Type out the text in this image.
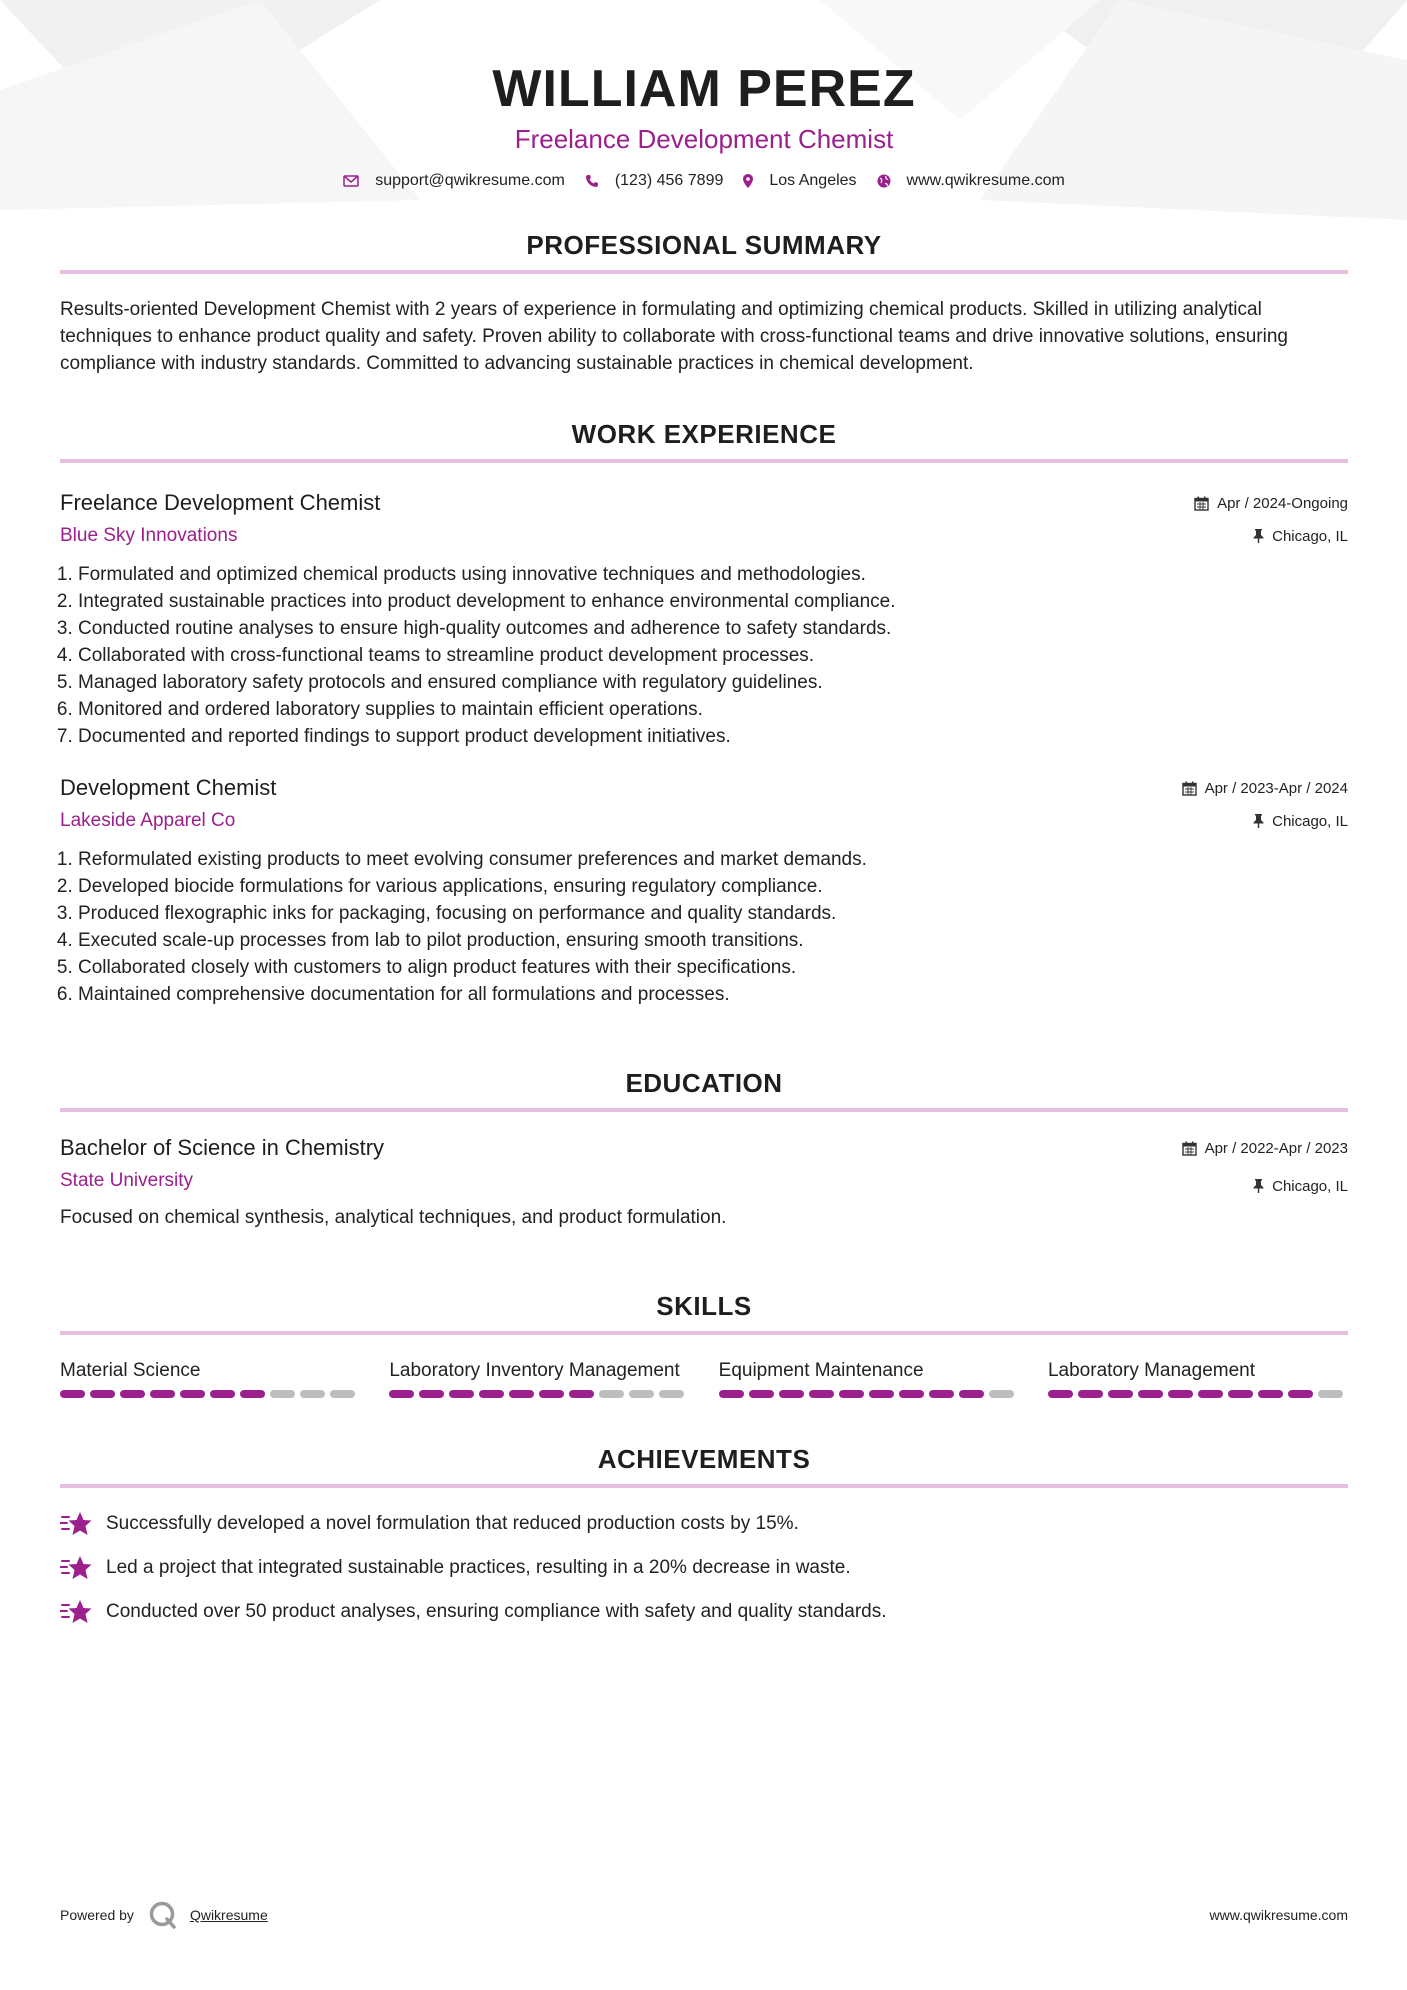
WILLIAM PEREZ
Freelance Development Chemist
support@qwikresume.com	(123) 456 7899	Los Angeles	www.qwikresume.com
PROFESSIONAL SUMMARY
Results-oriented Development Chemist with 2 years of experience in formulating and optimizing chemical products. Skilled in utilizing analytical techniques to enhance product quality and safety. Proven ability to collaborate with cross-functional teams and drive innovative solutions, ensuring compliance with industry standards. Committed to advancing sustainable practices in chemical development.
WORK EXPERIENCE
Freelance Development Chemist
Blue Sky Innovations
Apr / 2024-Ongoing
Chicago, IL
1. Formulated and optimized chemical products using innovative techniques and methodologies.
2. Integrated sustainable practices into product development to enhance environmental compliance.
3. Conducted routine analyses to ensure high-quality outcomes and adherence to safety standards.
4. Collaborated with cross-functional teams to streamline product development processes.
5. Managed laboratory safety protocols and ensured compliance with regulatory guidelines.
6. Monitored and ordered laboratory supplies to maintain efficient operations.
7. Documented and reported findings to support product development initiatives.
Development Chemist
Lakeside Apparel Co
Apr / 2023-Apr / 2024
Chicago, IL
1. Reformulated existing products to meet evolving consumer preferences and market demands.
2. Developed biocide formulations for various applications, ensuring regulatory compliance.
3. Produced flexographic inks for packaging, focusing on performance and quality standards.
4. Executed scale-up processes from lab to pilot production, ensuring smooth transitions.
5. Collaborated closely with customers to align product features with their specifications.
6. Maintained comprehensive documentation for all formulations and processes.
EDUCATION
Bachelor of Science in Chemistry
State University
Apr / 2022-Apr / 2023
Chicago, IL
Focused on chemical synthesis, analytical techniques, and product formulation.
SKILLS
Material Science	Laboratory Inventory Management	Equipment Maintenance	Laboratory Management
ACHIEVEMENTS
Successfully developed a novel formulation that reduced production costs by 15%.
Led a project that integrated sustainable practices, resulting in a 20% decrease in waste.
Conducted over 50 product analyses, ensuring compliance with safety and quality standards.
Powered by	Qwikresume	www.qwikresume.com
